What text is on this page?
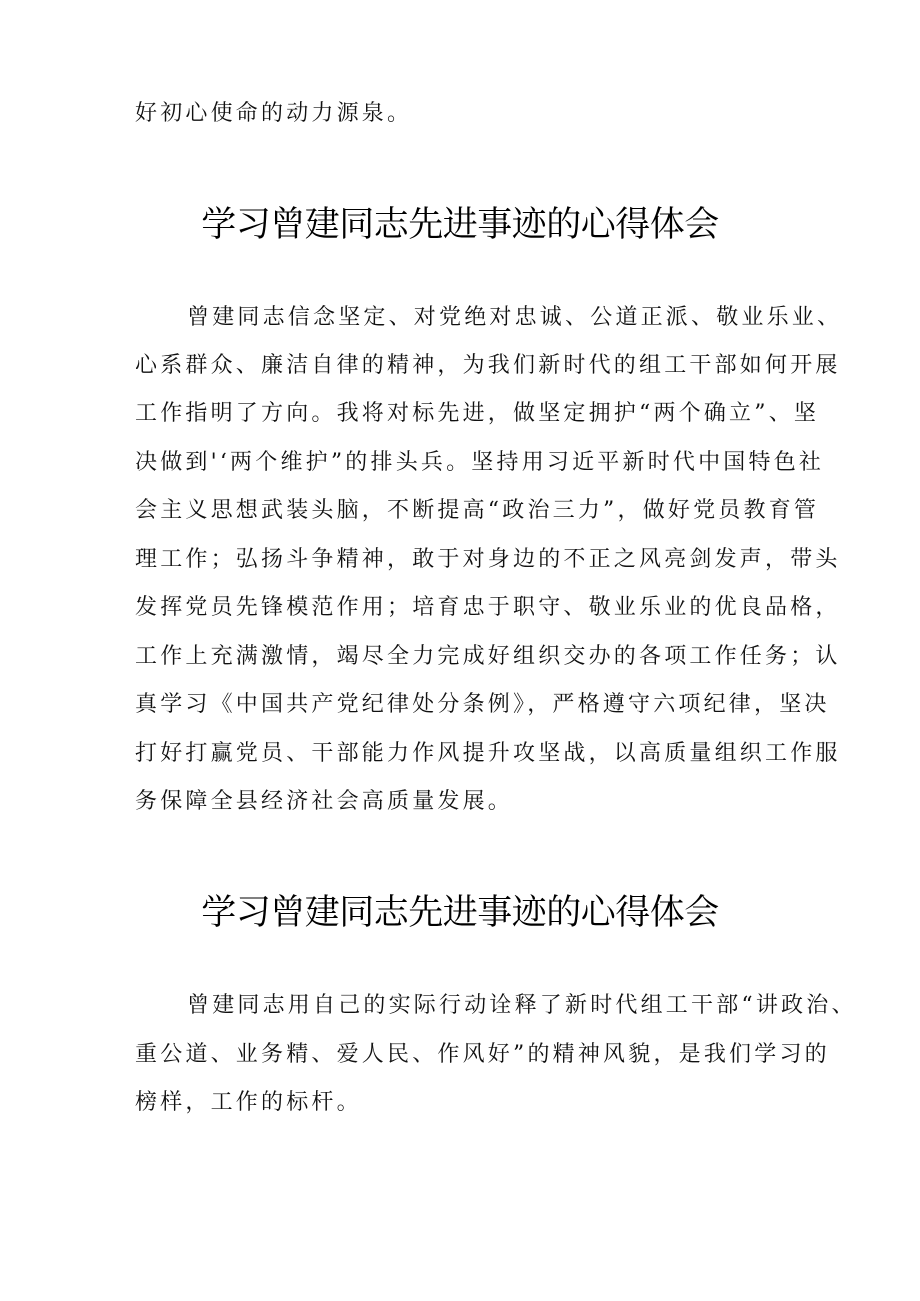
好初心使命的动力源泉。
学习曾建同志先进事迹的心得体会
曾建同志信念坚定、对党绝对忠诚、公道正派、敬业乐业、
心系群众、廉洁自律的精神，为我们新时代的组工干部如何开展
工作指明了方向。我将对标先进，做坚定拥护“两个确立”、坚
决做到'‘两个维护”的排头兵。坚持用习近平新时代中国特色社
会主义思想武装头脑，不断提高“政治三力”，做好党员教育管
理工作；弘扬斗争精神，敢于对身边的不正之风亮剑发声，带头
发挥党员先锋模范作用；培育忠于职守、敬业乐业的优良品格，
工作上充满激情，竭尽全力完成好组织交办的各项工作任务；认
真学习《中国共产党纪律处分条例》，严格遵守六项纪律，坚决
打好打赢党员、干部能力作风提升攻坚战，以高质量组织工作服
务保障全县经济社会高质量发展。
学习曾建同志先进事迹的心得体会
曾建同志用自己的实际行动诠释了新时代组工干部“讲政治、
重公道、业务精、爱人民、作风好”的精神风貌，是我们学习的
榜样，工作的标杆。
